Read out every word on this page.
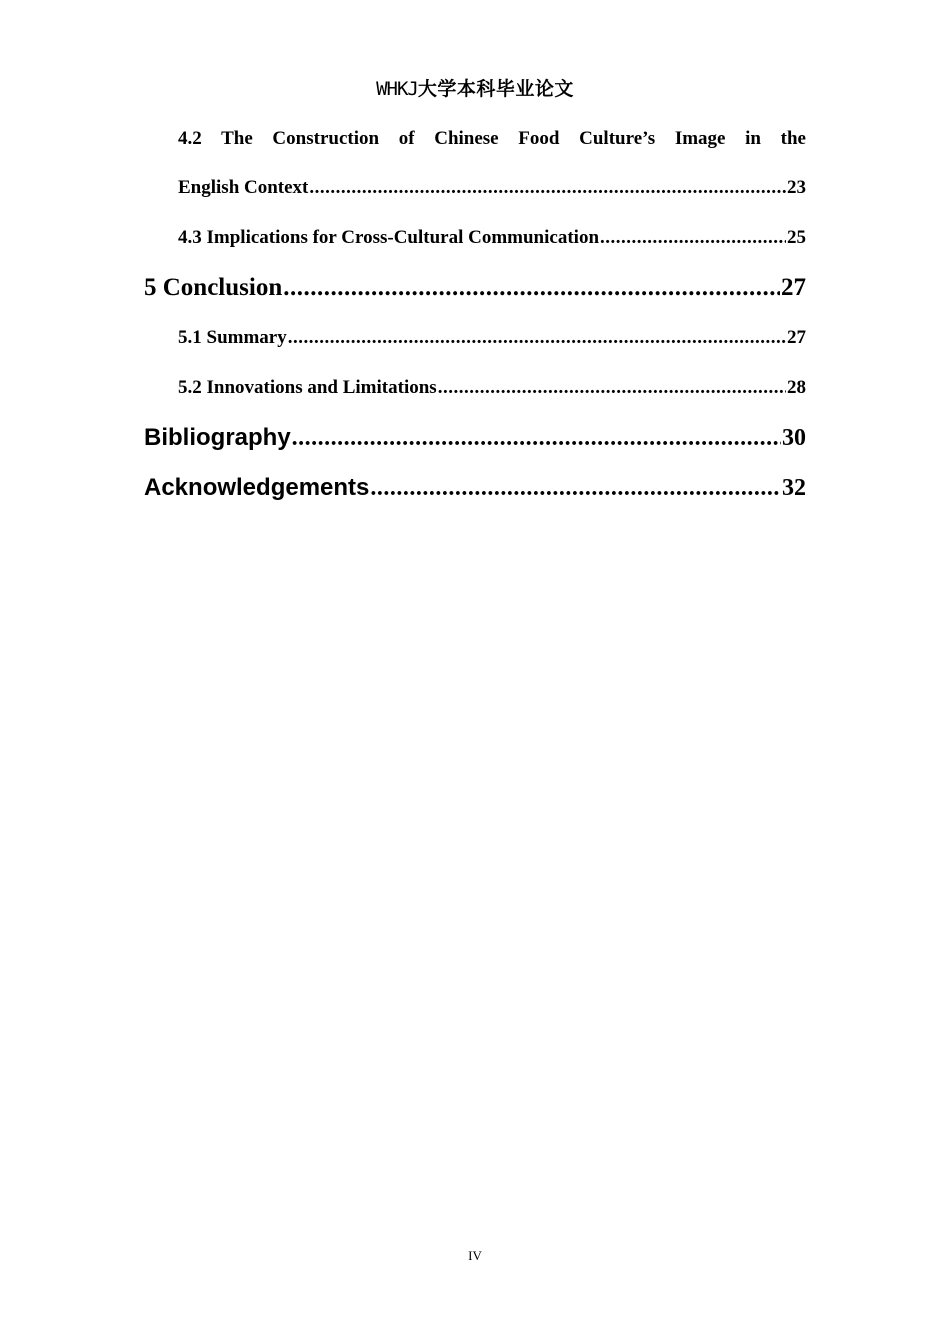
WHKJ大学本科毕业论文
4.2 The Construction of Chinese Food Culture’s Image in the
English Context .....	23
4.3 Implications for Cross-Cultural Communication .....	25
5 Conclusion .....	27
5.1 Summary .....	27
5.2 Innovations and Limitations .....	28
Bibliography .....	30
Acknowledgements .....	32
IV
